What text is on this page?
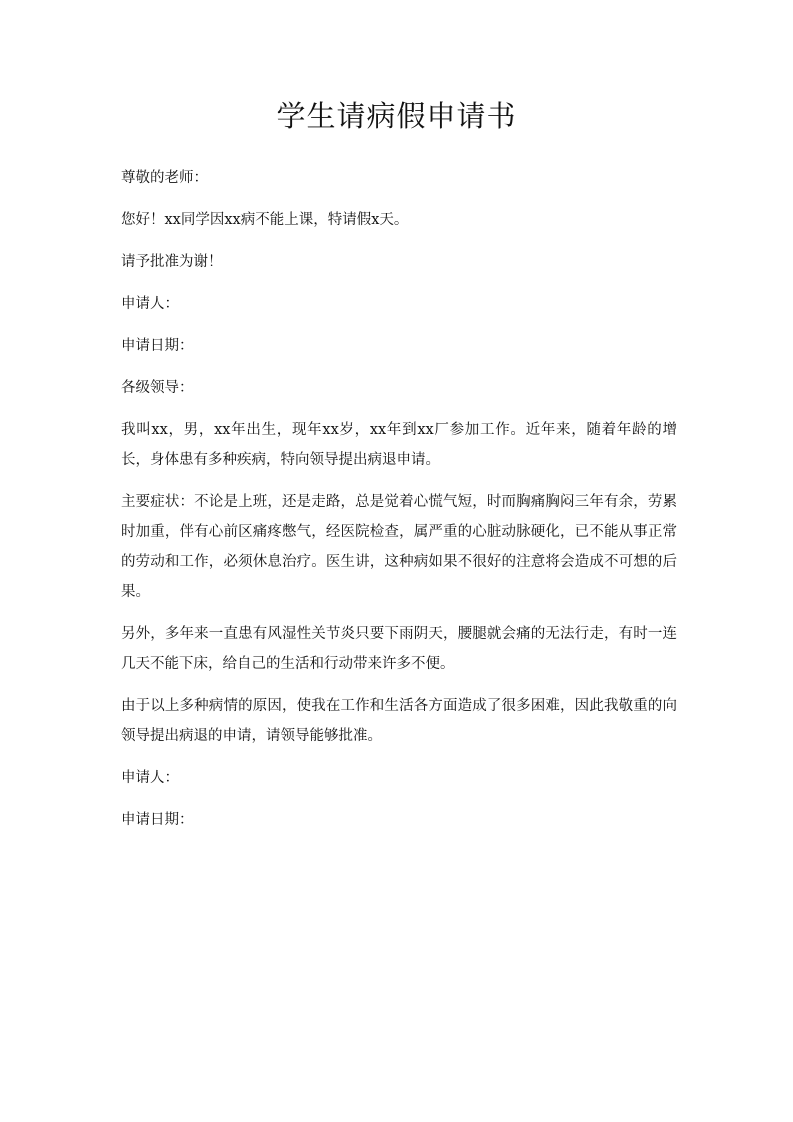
学生请病假申请书

尊敬的老师：

您好！xx同学因xx病不能上课，特请假x天。

请予批准为谢！

申请人：

申请日期：

各级领导：

我叫xx，男，xx年出生，现年xx岁，xx年到xx厂参加工作。近年来，随着年龄的增长，身体患有多种疾病，特向领导提出病退申请。

主要症状：不论是上班，还是走路，总是觉着心慌气短，时而胸痛胸闷三年有余，劳累时加重，伴有心前区痛疼憋气，经医院检查，属严重的心脏动脉硬化，已不能从事正常的劳动和工作，必须休息治疗。医生讲，这种病如果不很好的注意将会造成不可想的后果。

另外，多年来一直患有风湿性关节炎只要下雨阴天，腰腿就会痛的无法行走，有时一连几天不能下床，给自己的生活和行动带来许多不便。

由于以上多种病情的原因，使我在工作和生活各方面造成了很多困难，因此我敬重的向领导提出病退的申请，请领导能够批准。

申请人：

申请日期：
